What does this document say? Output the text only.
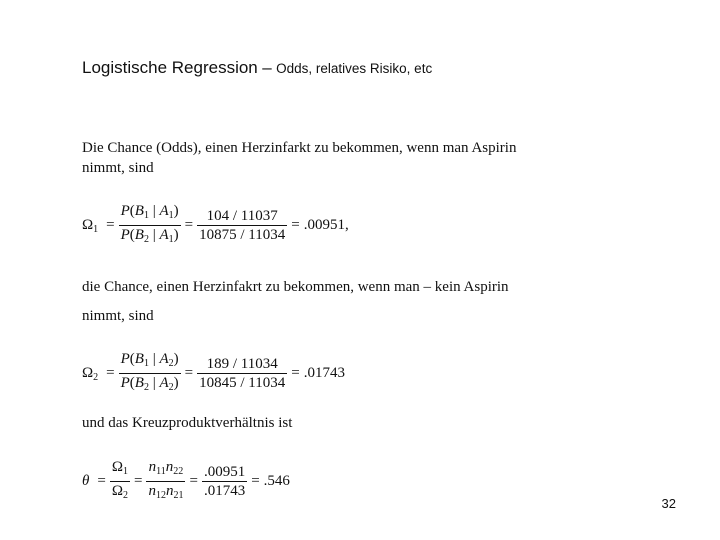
Logistische Regression – Odds, relatives Risiko, etc
Die Chance (Odds), einen Herzinfarkt zu bekommen, wenn man Aspirin
nimmt, sind
$\Omega_1 = \frac{P(B_1 | A_1)}{P(B_2 | A_1)} = \frac{104 / 11037}{10875 / 11034} = .00951$,
die Chance, einen Herzinfakrt zu bekommen, wenn man – kein Aspirin
nimmt, sind
$\Omega_2 = \frac{P(B_1 | A_2)}{P(B_2 | A_2)} = \frac{189 / 11034}{10845 / 11034} = .01743$
und das Kreuzproduktverhältnis ist
$\theta = \frac{\Omega_1}{\Omega_2} = \frac{n_{11}n_{22}}{n_{12}n_{21}} = \frac{.00951}{.01743} = .546$
32
